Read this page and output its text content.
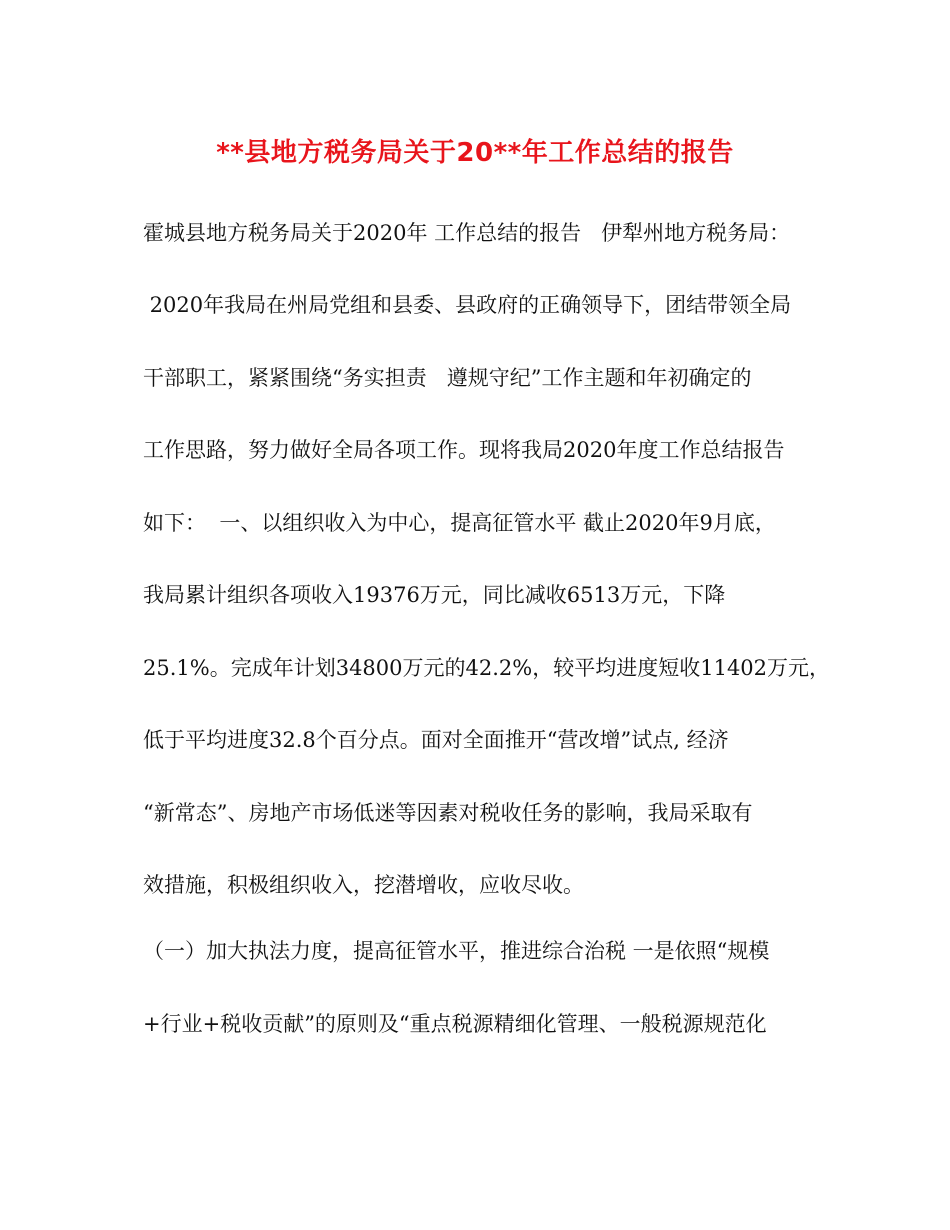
**县地方税务局关于20**年工作总结的报告
霍城县地方税务局关于2020年 工作总结的报告   伊犁州地方税务局：
2020年我局在州局党组和县委、县政府的正确领导下，团结带领全局
干部职工，紧紧围绕“务实担责   遵规守纪”工作主题和年初确定的
工作思路，努力做好全局各项工作。现将我局2020年度工作总结报告
如下：  一、以组织收入为中心，提高征管水平 截止2020年9月底，
我局累计组织各项收入19376万元，同比减收6513万元，下降
25.1%。完成年计划34800万元的42.2%，较平均进度短收11402万元，
低于平均进度32.8个百分点。面对全面推开“营改增”试点, 经济
“新常态”、房地产市场低迷等因素对税收任务的影响，我局采取有
效措施，积极组织收入，挖潜增收，应收尽收。
（一）加大执法力度，提高征管水平，推进综合治税 一是依照“规模
+行业+税收贡献”的原则及“重点税源精细化管理、一般税源规范化
